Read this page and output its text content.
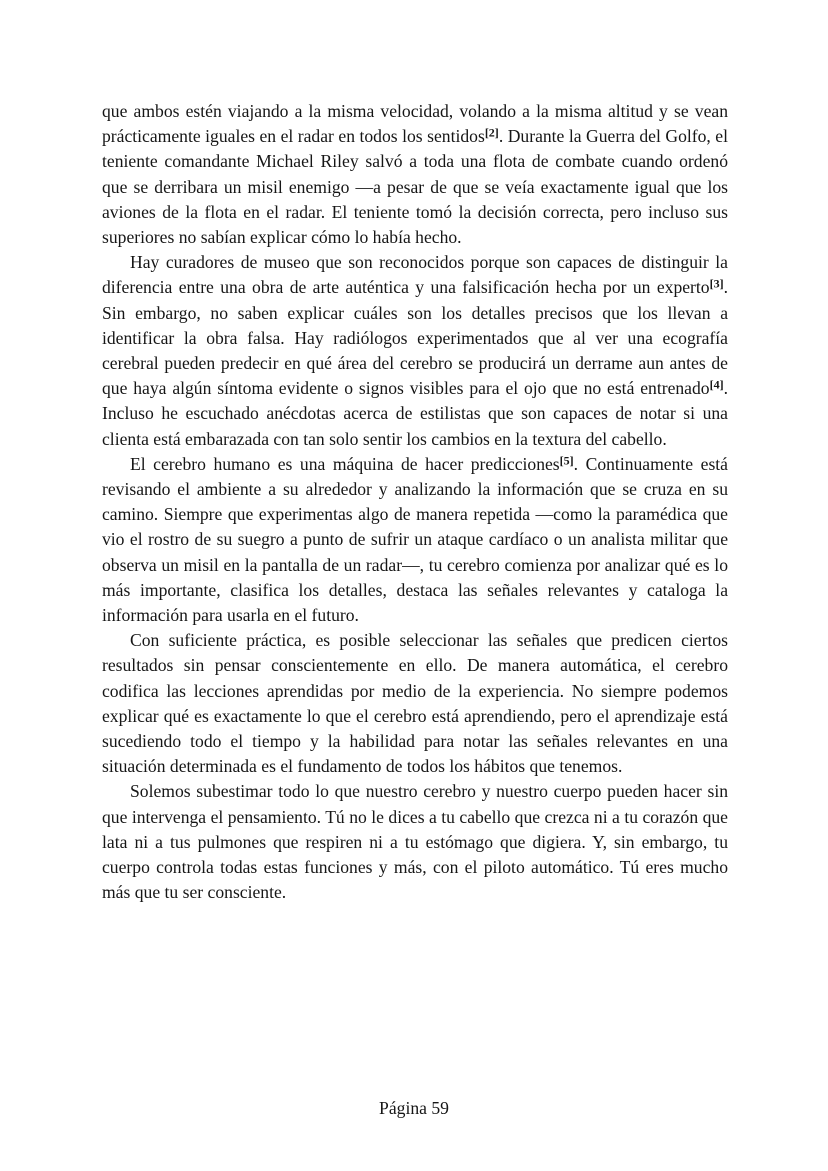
que ambos estén viajando a la misma velocidad, volando a la misma altitud y se vean prácticamente iguales en el radar en todos los sentidos[2]. Durante la Guerra del Golfo, el teniente comandante Michael Riley salvó a toda una flota de combate cuando ordenó que se derribara un misil enemigo —a pesar de que se veía exactamente igual que los aviones de la flota en el radar. El teniente tomó la decisión correcta, pero incluso sus superiores no sabían explicar cómo lo había hecho.

Hay curadores de museo que son reconocidos porque son capaces de distinguir la diferencia entre una obra de arte auténtica y una falsificación hecha por un experto[3]. Sin embargo, no saben explicar cuáles son los detalles precisos que los llevan a identificar la obra falsa. Hay radiólogos experimentados que al ver una ecografía cerebral pueden predecir en qué área del cerebro se producirá un derrame aun antes de que haya algún síntoma evidente o signos visibles para el ojo que no está entrenado[4]. Incluso he escuchado anécdotas acerca de estilistas que son capaces de notar si una clienta está embarazada con tan solo sentir los cambios en la textura del cabello.

El cerebro humano es una máquina de hacer predicciones[5]. Continuamente está revisando el ambiente a su alrededor y analizando la información que se cruza en su camino. Siempre que experimentas algo de manera repetida —como la paramédica que vio el rostro de su suegro a punto de sufrir un ataque cardíaco o un analista militar que observa un misil en la pantalla de un radar—, tu cerebro comienza por analizar qué es lo más importante, clasifica los detalles, destaca las señales relevantes y cataloga la información para usarla en el futuro.

Con suficiente práctica, es posible seleccionar las señales que predicen ciertos resultados sin pensar conscientemente en ello. De manera automática, el cerebro codifica las lecciones aprendidas por medio de la experiencia. No siempre podemos explicar qué es exactamente lo que el cerebro está aprendiendo, pero el aprendizaje está sucediendo todo el tiempo y la habilidad para notar las señales relevantes en una situación determinada es el fundamento de todos los hábitos que tenemos.

Solemos subestimar todo lo que nuestro cerebro y nuestro cuerpo pueden hacer sin que intervenga el pensamiento. Tú no le dices a tu cabello que crezca ni a tu corazón que lata ni a tus pulmones que respiren ni a tu estómago que digiera. Y, sin embargo, tu cuerpo controla todas estas funciones y más, con el piloto automático. Tú eres mucho más que tu ser consciente.

Página 59
